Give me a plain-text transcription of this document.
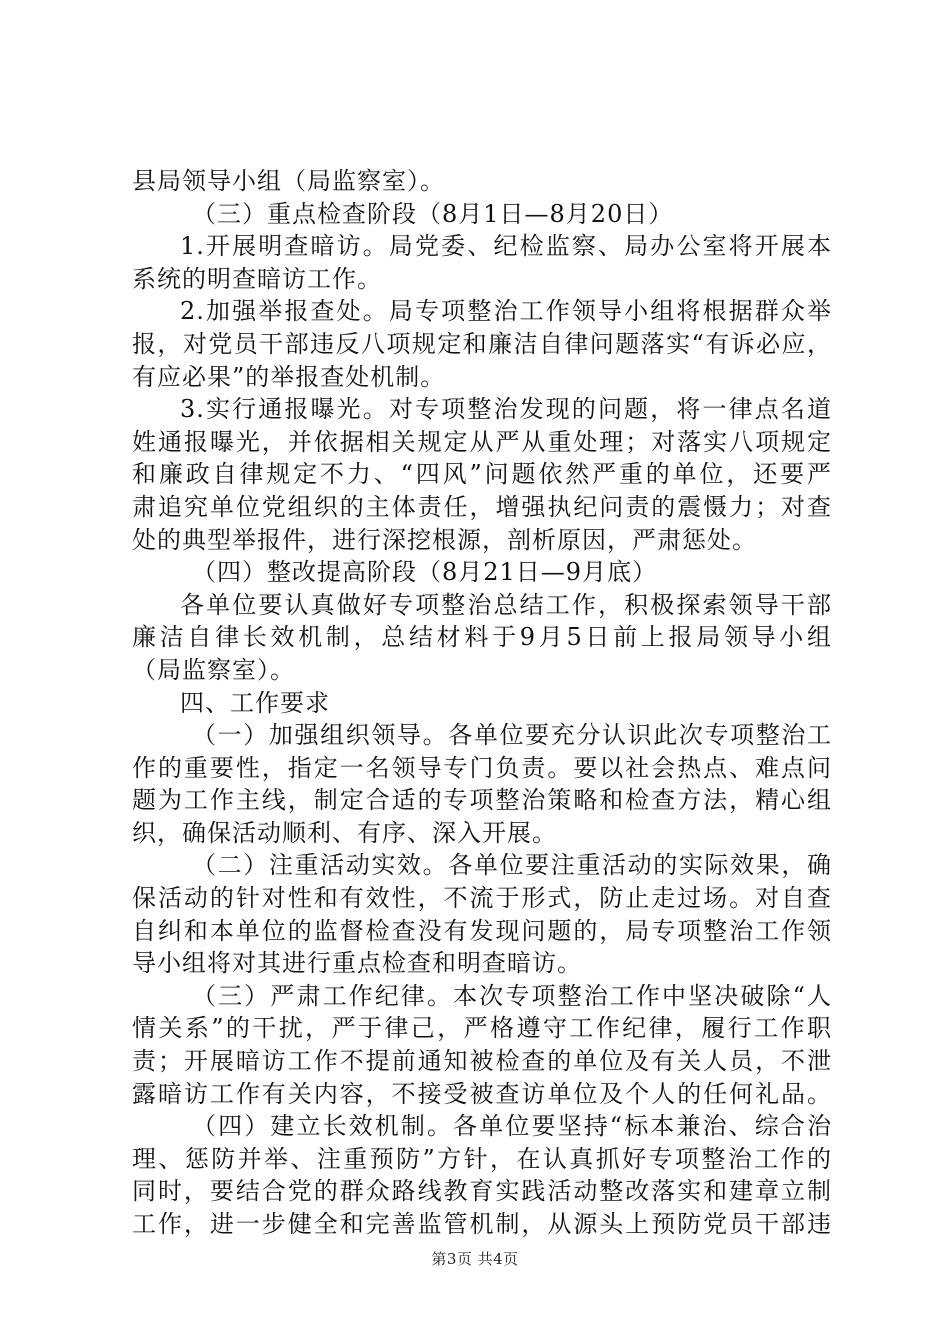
县局领导小组（局监察室）。
（三）重点检查阶段（8月1日—8月20日）
1.开展明查暗访。局党委、纪检监察、局办公室将开展本
系统的明查暗访工作。
2.加强举报查处。局专项整治工作领导小组将根据群众举
报，对党员干部违反八项规定和廉洁自律问题落实“有诉必应，
有应必果”的举报查处机制。
3.实行通报曝光。对专项整治发现的问题，将一律点名道
姓通报曝光，并依据相关规定从严从重处理；对落实八项规定
和廉政自律规定不力、“四风”问题依然严重的单位，还要严
肃追究单位党组织的主体责任，增强执纪问责的震慑力；对查
处的典型举报件，进行深挖根源，剖析原因，严肃惩处。
（四）整改提高阶段（8月21日—9月底）
各单位要认真做好专项整治总结工作，积极探索领导干部
廉洁自律长效机制，总结材料于9月5日前上报局领导小组
（局监察室）。
四、工作要求
（一）加强组织领导。各单位要充分认识此次专项整治工
作的重要性，指定一名领导专门负责。要以社会热点、难点问
题为工作主线，制定合适的专项整治策略和检查方法，精心组
织，确保活动顺利、有序、深入开展。
（二）注重活动实效。各单位要注重活动的实际效果，确
保活动的针对性和有效性，不流于形式，防止走过场。对自查
自纠和本单位的监督检查没有发现问题的，局专项整治工作领
导小组将对其进行重点检查和明查暗访。
（三）严肃工作纪律。本次专项整治工作中坚决破除“人
情关系”的干扰，严于律己，严格遵守工作纪律，履行工作职
责；开展暗访工作不提前通知被检查的单位及有关人员，不泄
露暗访工作有关内容，不接受被查访单位及个人的任何礼品。
（四）建立长效机制。各单位要坚持“标本兼治、综合治
理、惩防并举、注重预防”方针，在认真抓好专项整治工作的
同时，要结合党的群众路线教育实践活动整改落实和建章立制
工作，进一步健全和完善监管机制，从源头上预防党员干部违
第3页 共4页
